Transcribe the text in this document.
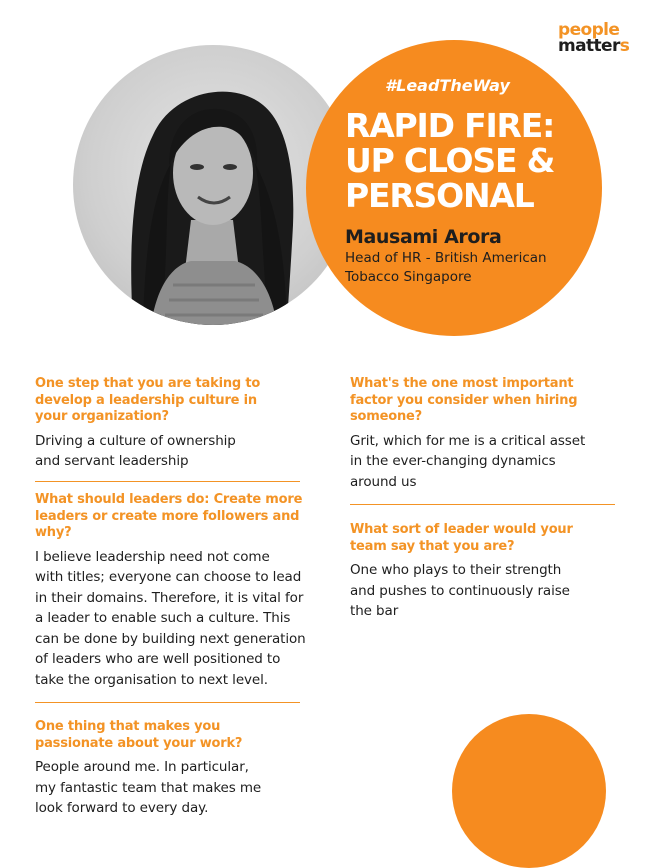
people
matters
#LeadTheWay
RAPID FIRE:
UP CLOSE &
PERSONAL
Mausami Arora
Head of HR - British American
Tobacco Singapore

One step that you are taking to
develop a leadership culture in
your organization?

Driving a culture of ownership
and servant leadership

What should leaders do: Create more
leaders or create more followers and
why?

I believe leadership need not come
with titles; everyone can choose to lead
in their domains. Therefore, it is vital for
a leader to enable such a culture. This
can be done by building next generation
of leaders who are well positioned to
take the organisation to next level.

One thing that makes you
passionate about your work?

People around me. In particular,
my fantastic team that makes me
look forward to every day.

What's the one most important
factor you consider when hiring
someone?

Grit, which for me is a critical asset
in the ever-changing dynamics
around us

What sort of leader would your
team say that you are?

One who plays to their strength
and pushes to continuously raise
the bar
